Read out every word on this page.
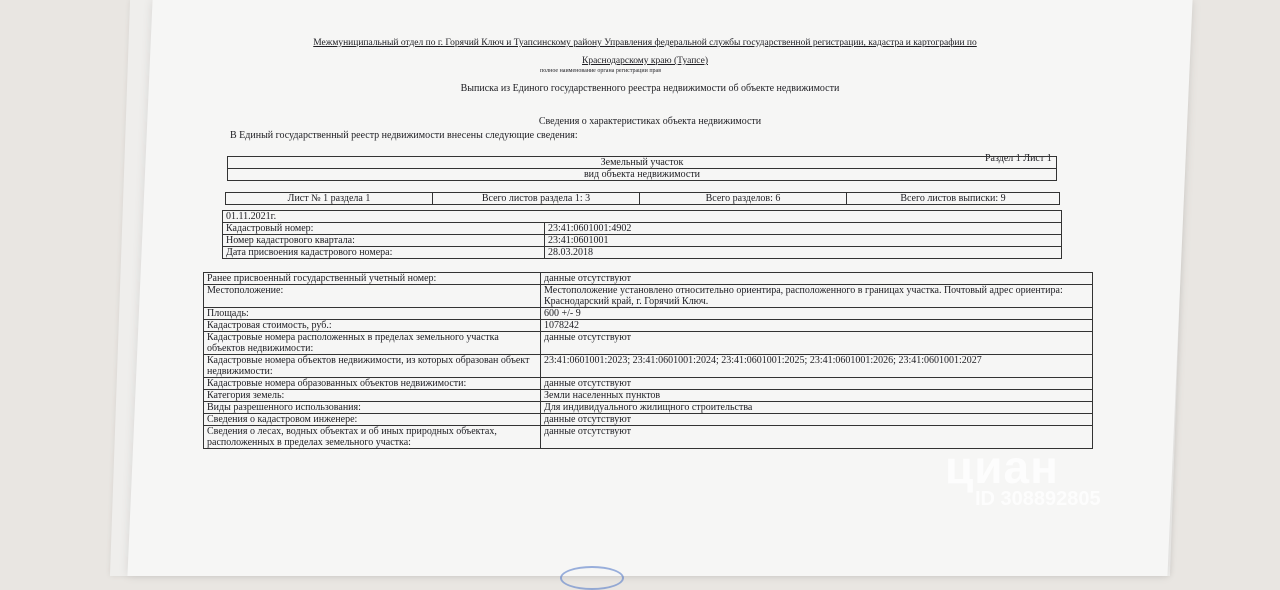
Межмуниципальный отдел по г. Горячий Ключ и Туапсинскому району Управления федеральной службы государственной регистрации, кадастра и картографии по
Краснодарскому краю (Туапсе)
полное наименование органа регистрации прав
Выписка из Единого государственного реестра недвижимости об объекте недвижимости
Сведения о характеристиках объекта недвижимости
В Единый государственный реестр недвижимости внесены следующие сведения:
Раздел 1 Лист 1
Земельный участок
вид объекта недвижимости
Лист № 1 раздела 1	Всего листов раздела 1: 3	Всего разделов: 6	Всего листов выписки: 9
01.11.2021г.	
Кадастровый номер:	23:41:0601001:4902
Номер кадастрового квартала:	23:41:0601001
Дата присвоения кадастрового номера:	28.03.2018
Ранее присвоенный государственный учетный номер:	данные отсутствуют
Местоположение:	Местоположение установлено относительно ориентира, расположенного в границах участка. Почтовый адрес ориентира: Краснодарский край, г. Горячий Ключ.
Площадь:	600 +/- 9
Кадастровая стоимость, руб.:	1078242
Кадастровые номера расположенных в пределах земельного участка объектов недвижимости:	данные отсутствуют
Кадастровые номера объектов недвижимости, из которых образован объект недвижимости:	23:41:0601001:2023; 23:41:0601001:2024; 23:41:0601001:2025; 23:41:0601001:2026; 23:41:0601001:2027
Кадастровые номера образованных объектов недвижимости:	данные отсутствуют
Категория земель:	Земли населенных пунктов
Виды разрешенного использования:	Для индивидуального жилищного строительства
Сведения о кадастровом инженере:	данные отсутствуют
Сведения о лесах, водных объектах и об иных природных объектах, расположенных в пределах земельного участка:	данные отсутствуют
циан
ID 308892805
